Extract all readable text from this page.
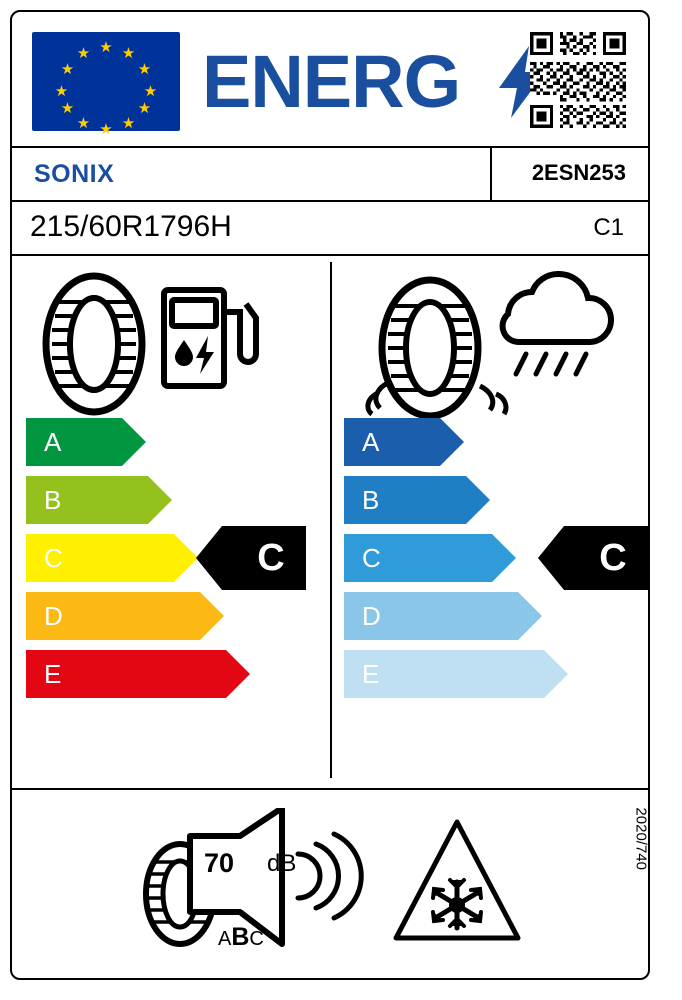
★ ★
★
★
★
★
★
★
★
★
★
★ ENERG
SONIX	2ESN253
215/60R1796H	C1
A
B
C	C
D
E
A
B
C	C
D
E
70 dB
ABC
2020/740
